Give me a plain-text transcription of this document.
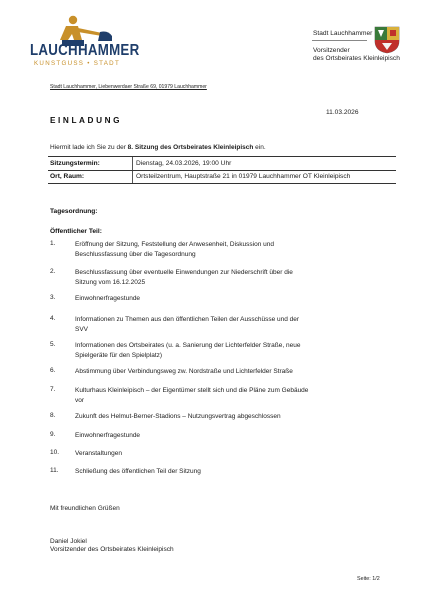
LAUCHHAMMER
KUNSTGUSS • STADT
Stadt Lauchhammer
Vorsitzender
des Ortsbeirates Kleinleipisch
Stadt Lauchhammer, Liebenwerdaer Straße 69, 01979 Lauchhammer
11.03.2026
EINLADUNG
Hiermit lade ich Sie zu der 8. Sitzung des Ortsbeirates Kleinleipisch ein.
Sitzungstermin:	Dienstag, 24.03.2026, 19:00 Uhr
Ort, Raum:	Ortsteilzentrum, Hauptstraße 21 in 01979 Lauchhammer OT Kleinleipisch
Tagesordnung:
Öffentlicher Teil:
1.	Eröffnung der Sitzung, Feststellung der Anwesenheit, Diskussion und
Beschlussfassung über die Tagesordnung
2.	Beschlussfassung über eventuelle Einwendungen zur Niederschrift über die
Sitzung vom 16.12.2025
3.	Einwohnerfragestunde
4.	Informationen zu Themen aus den öffentlichen Teilen der Ausschüsse und der
SVV
5.	Informationen des Ortsbeirates (u. a. Sanierung der Lichterfelder Straße, neue
Spielgeräte für den Spielplatz)
6.	Abstimmung über Verbindungsweg zw. Nordstraße und Lichterfelder Straße
7.	Kulturhaus Kleinleipisch – der Eigentümer stellt sich und die Pläne zum Gebäude
vor
8.	Zukunft des Helmut-Berner-Stadions – Nutzungsvertrag abgeschlossen
9.	Einwohnerfragestunde
10. Veranstaltungen
11.	Schließung des öffentlichen Teil der Sitzung
Mit freundlichen Grüßen
Daniel Jokiel
Vorsitzender des Ortsbeirates Kleinleipisch
Seite: 1/2
